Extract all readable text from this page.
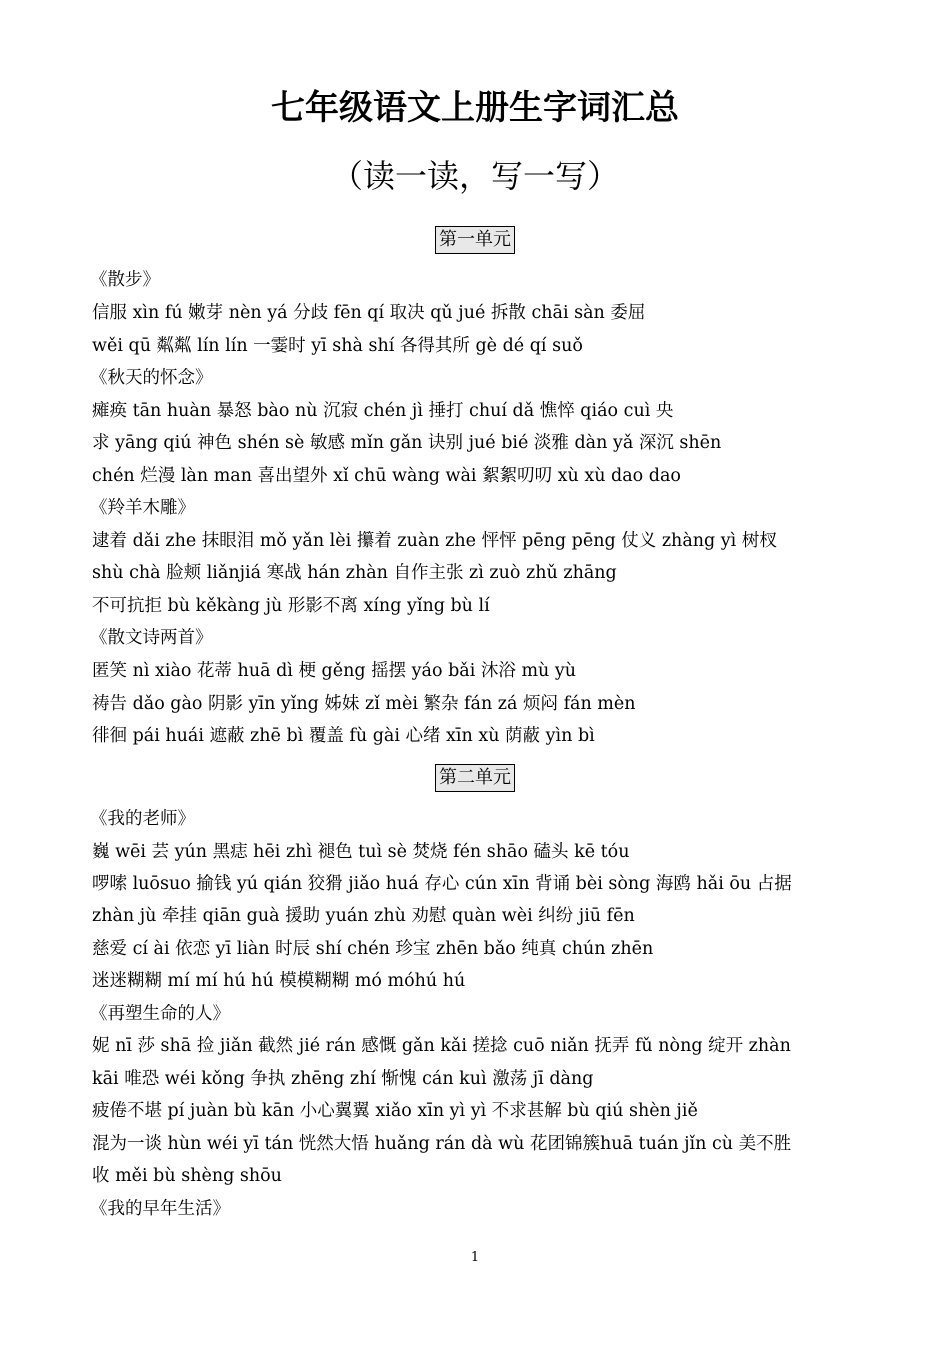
七年级语文上册生字词汇总
（读一读，写一写）
第一单元
《散步》
信服 xìn fú 嫩芽 nèn yá 分歧 fēn qí 取决 qǔ jué 拆散 chāi sàn 委屈
wěi qū 粼粼 lín lín 一霎时 yī shà shí 各得其所 gè dé qí suǒ
《秋天的怀念》
瘫痪 tān huàn 暴怒 bào nù 沉寂 chén jì 捶打 chuí dǎ 憔悴 qiáo cuì 央
求 yāng qiú 神色 shén sè 敏感 mǐn gǎn 诀别 jué bié 淡雅 dàn yǎ 深沉 shēn
chén 烂漫 làn man 喜出望外 xǐ chū wàng wài 絮絮叨叨 xù xù dao dao
《羚羊木雕》
逮着 dǎi zhe 抹眼泪 mǒ yǎn lèi 攥着 zuàn zhe 怦怦 pēng pēng 仗义 zhàng yì 树杈
shù chà 脸颊 liǎnjiá 寒战 hán zhàn 自作主张 zì zuò zhǔ zhāng
不可抗拒 bù kěkàng jù 形影不离 xíng yǐng bù lí
《散文诗两首》
匿笑 nì xiào 花蒂 huā dì 梗 gěng 摇摆 yáo bǎi 沐浴 mù yù
祷告 dǎo gào 阴影 yīn yǐng 姊妹 zǐ mèi 繁杂 fán zá 烦闷 fán mèn
徘徊 pái huái 遮蔽 zhē bì 覆盖 fù gài 心绪 xīn xù 荫蔽 yìn bì
第二单元
《我的老师》
巍 wēi 芸 yún 黑痣 hēi zhì 褪色 tuì sè 焚烧 fén shāo 磕头 kē tóu
啰嗦 luōsuo 揄钱 yú qián 狡猾 jiǎo huá 存心 cún xīn 背诵 bèi sòng 海鸥 hǎi ōu 占据
zhàn jù 牵挂 qiān guà 援助 yuán zhù 劝慰 quàn wèi 纠纷 jiū fēn
慈爱 cí ài 依恋 yī liàn 时辰 shí chén 珍宝 zhēn bǎo 纯真 chún zhēn
迷迷糊糊 mí mí hú hú 模模糊糊 mó móhú hú
《再塑生命的人》
妮 nī 莎 shā 捡 jiǎn 截然 jié rán 感慨 gǎn kǎi 搓捻 cuō niǎn 抚弄 fǔ nòng 绽开 zhàn
kāi 唯恐 wéi kǒng 争执 zhēng zhí 惭愧 cán kuì 激荡 jī dàng
疲倦不堪 pí juàn bù kān 小心翼翼 xiǎo xīn yì yì 不求甚解 bù qiú shèn jiě
混为一谈 hùn wéi yī tán 恍然大悟 huǎng rán dà wù 花团锦簇huā tuán jǐn cù 美不胜
收 měi bù shèng shōu
《我的早年生活》
1
